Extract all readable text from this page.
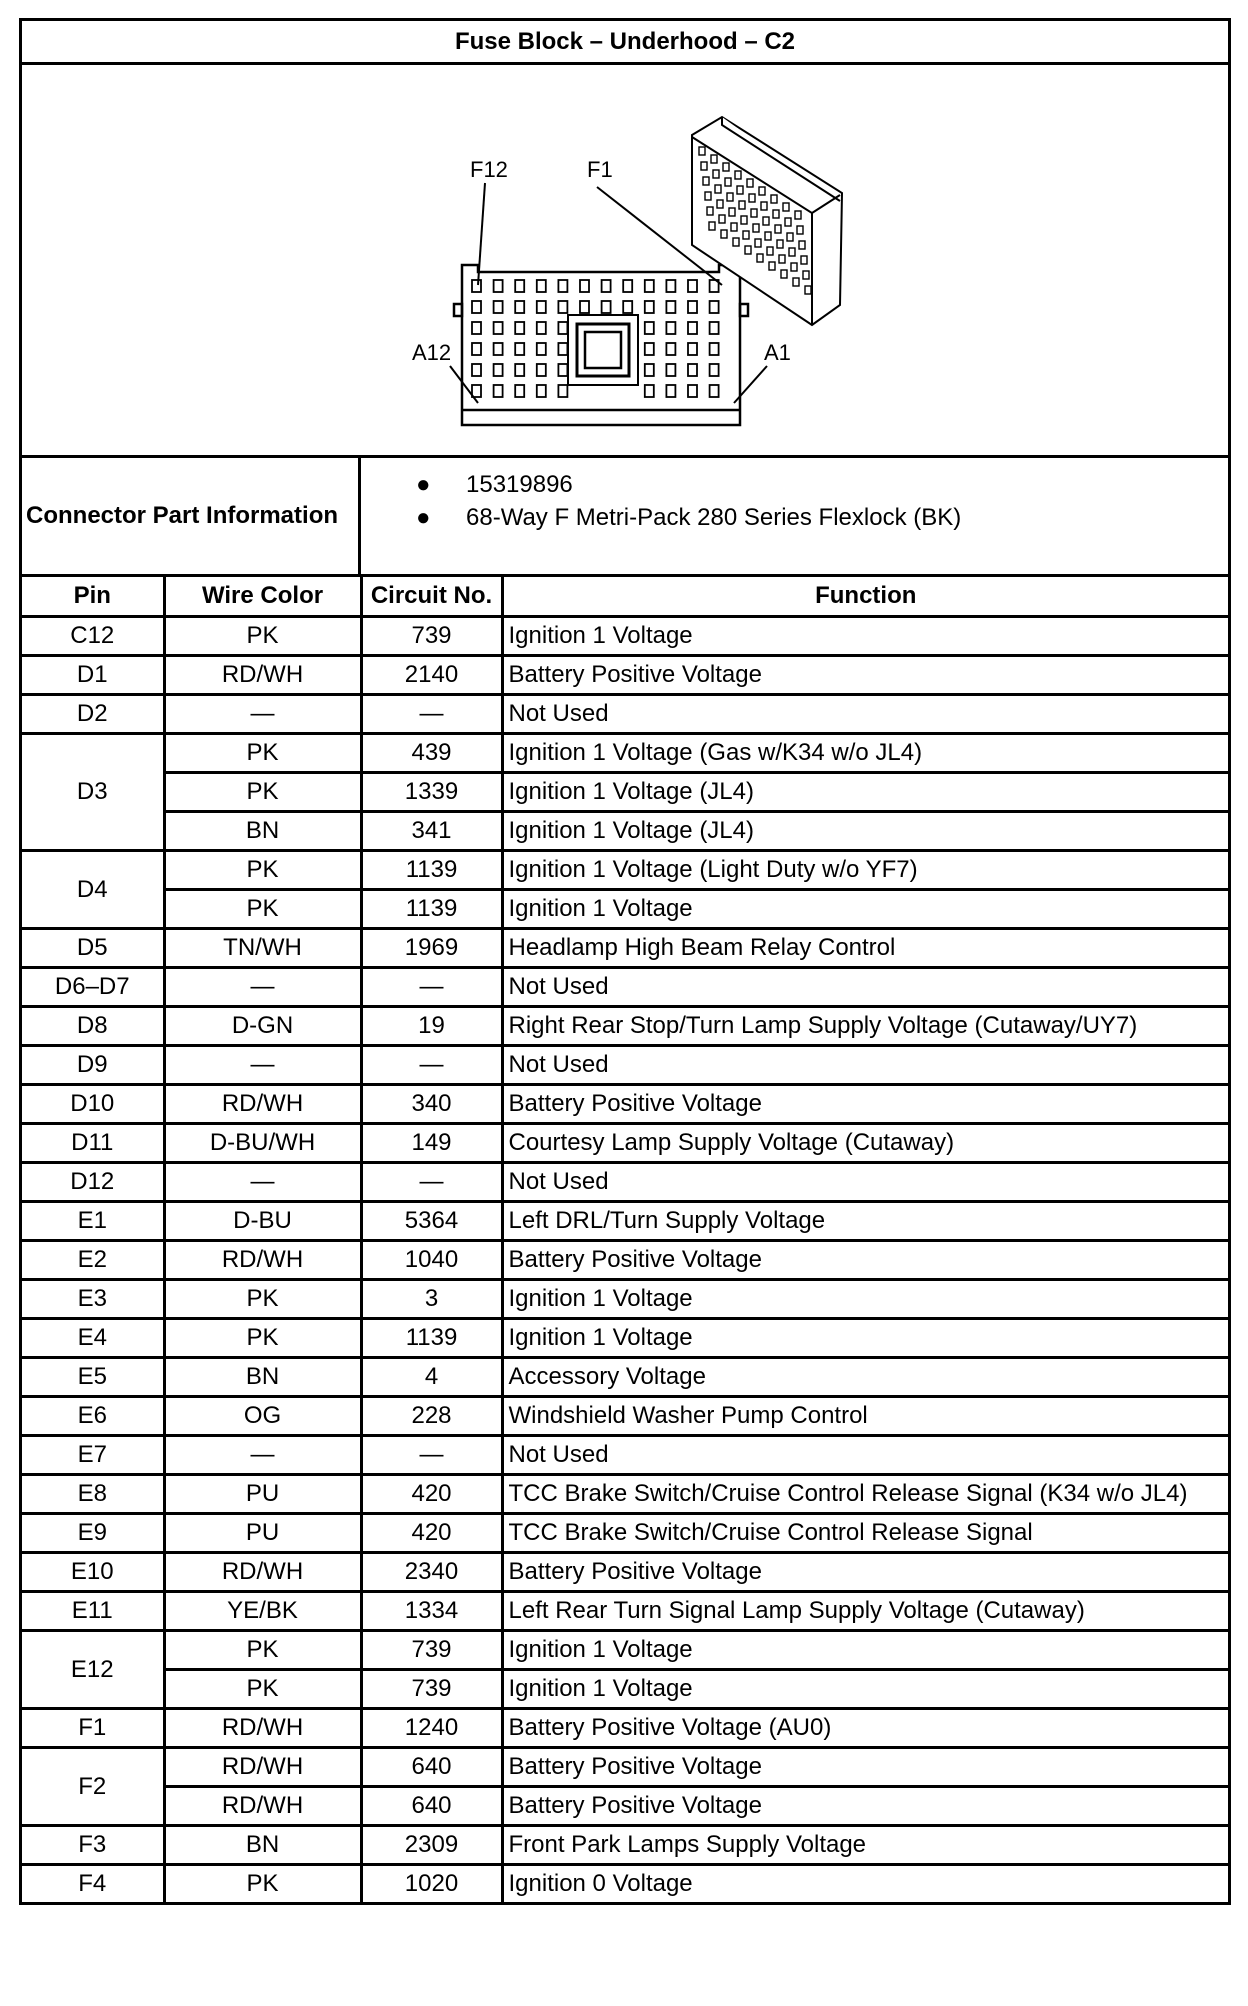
Fuse Block – Underhood – C2
F12	F1
A12	A1
Connector Part Information
● 15319896
● 68-Way F Metri-Pack 280 Series Flexlock (BK)
Pin	Wire Color	Circuit No.	Function
C12	PK	739	Ignition 1 Voltage
D1	RD/WH	2140	Battery Positive Voltage
D2	—	—	Not Used
D3	PK	439	Ignition 1 Voltage (Gas w/K34 w/o JL4)
	PK	1339	Ignition 1 Voltage (JL4)
	BN	341	Ignition 1 Voltage (JL4)
D4	PK	1139	Ignition 1 Voltage (Light Duty w/o YF7)
	PK	1139	Ignition 1 Voltage
D5	TN/WH	1969	Headlamp High Beam Relay Control
D6–D7	—	—	Not Used
D8	D-GN	19	Right Rear Stop/Turn Lamp Supply Voltage (Cutaway/UY7)
D9	—	—	Not Used
D10	RD/WH	340	Battery Positive Voltage
D11	D-BU/WH	149	Courtesy Lamp Supply Voltage (Cutaway)
D12	—	—	Not Used
E1	D-BU	5364	Left DRL/Turn Supply Voltage
E2	RD/WH	1040	Battery Positive Voltage
E3	PK	3	Ignition 1 Voltage
E4	PK	1139	Ignition 1 Voltage
E5	BN	4	Accessory Voltage
E6	OG	228	Windshield Washer Pump Control
E7	—	—	Not Used
E8	PU	420	TCC Brake Switch/Cruise Control Release Signal (K34 w/o JL4)
E9	PU	420	TCC Brake Switch/Cruise Control Release Signal
E10	RD/WH	2340	Battery Positive Voltage
E11	YE/BK	1334	Left Rear Turn Signal Lamp Supply Voltage (Cutaway)
E12	PK	739	Ignition 1 Voltage
	PK	739	Ignition 1 Voltage
F1	RD/WH	1240	Battery Positive Voltage (AU0)
F2	RD/WH	640	Battery Positive Voltage
	RD/WH	640	Battery Positive Voltage
F3	BN	2309	Front Park Lamps Supply Voltage
F4	PK	1020	Ignition 0 Voltage
